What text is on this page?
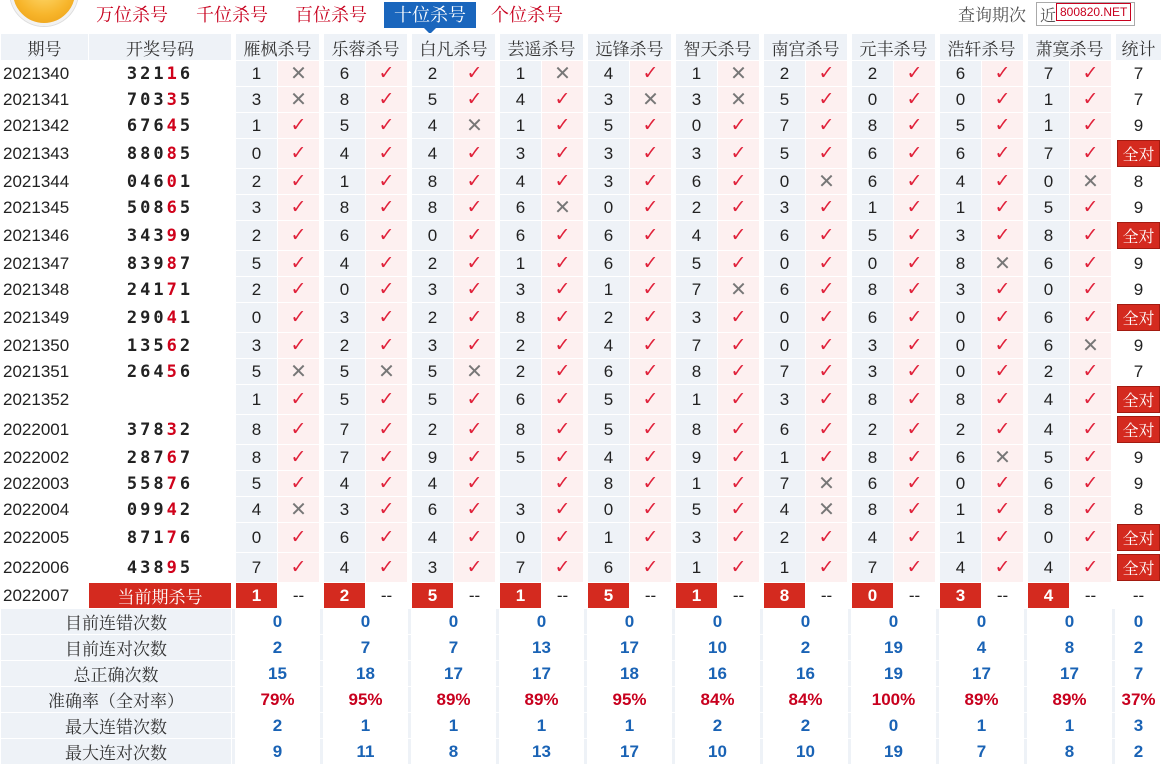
万位杀号 千位杀号 百位杀号	十位杀号	个位杀号	查询期次 近 800820.NET
期号	开奖号码		雁枫杀号			乐蓉杀号			白凡杀号			芸遥杀号			远锋杀号			智天杀号			南宫杀号			元丰杀号			浩轩杀号			萧寞杀号			统计
2021340	32116		1	✕		6	✓		2	✓		1	✕		4	✓		1	✕		2	✓		2	✓		6	✓		7	✓		7
2021341	70335		3	✕		8	✓		5	✓		4	✓		3	✕		3	✕		5	✓		0	✓		0	✓		1	✓		7
2021342	67645		1	✓		5	✓		4	✕		1	✓		5	✓		0	✓		7	✓		8	✓		5	✓		1	✓		9
2021343	88085		0	✓		4	✓		4	✓		3	✓		3	✓		3	✓		5	✓		6	✓		6	✓		7	✓		全对
2021344	04601		2	✓		1	✓		8	✓		4	✓		3	✓		6	✓		0	✕		6	✓		4	✓		0	✕		8
2021345	50865		3	✓		8	✓		8	✓		6	✕		0	✓		2	✓		3	✓		1	✓		1	✓		5	✓		9
2021346	34399		2	✓		6	✓		0	✓		6	✓		6	✓		4	✓		6	✓		5	✓		3	✓		8	✓		全对
2021347	83987		5	✓		4	✓		2	✓		1	✓		6	✓		5	✓		0	✓		0	✓		8	✕		6	✓		9
2021348	24171		2	✓		0	✓		3	✓		3	✓		1	✓		7	✕		6	✓		8	✓		3	✓		0	✓		9
2021349	29041		0	✓		3	✓		2	✓		8	✓		2	✓		3	✓		0	✓		6	✓		0	✓		6	✓		全对
2021350	13562		3	✓		2	✓		3	✓		2	✓		4	✓		7	✓		0	✓		3	✓		0	✓		6	✕		9
2021351	26456		5	✕		5	✕		5	✕		2	✓		6	✓		8	✓		7	✓		3	✓		0	✓		2	✓		7
2021352			1	✓		5	✓		5	✓		6	✓		5	✓		1	✓		3	✓		8	✓		8	✓		4	✓		全对
2022001	37832		8	✓		7	✓		2	✓		8	✓		5	✓		8	✓		6	✓		2	✓		2	✓		4	✓		全对
2022002	28767		8	✓		7	✓		9	✓		5	✓		4	✓		9	✓		1	✓		8	✓		6	✕		5	✓		9
2022003	55876		5	✓		4	✓		4	✓			✓		8	✓		1	✓		7	✕		6	✓		0	✓		6	✓		9
2022004	09942		4	✕		3	✓		6	✓		3	✓		0	✓		5	✓		4	✕		8	✓		1	✓		8	✓		8
2022005	87176		0	✓		6	✓		4	✓		0	✓		1	✓		3	✓		2	✓		4	✓		1	✓		0	✓		全对
2022006	43895		7	✓		4	✓		3	✓		7	✓		6	✓		1	✓		1	✓		7	✓		4	✓		4	✓		全对
2022007	当前期杀号		1	--		2	--		5	--		1	--		5	--		1	--		8	--		0	--		3	--		4	--		--
目前连错次数			0			0			0			0			0			0			0			0			0			0			0
目前连对次数			2			7			7			13			17			10			2			19			4			8			2
总正确次数			15			18			17			17			18			16			16			19			17			17			7
准确率（全对率）			79%			95%			89%			89%			95%			84%			84%			100%			89%			89%			37%
最大连错次数			2			1			1			1			1			2			2			0			1			1			3
最大连对次数			9			11			8			13			17			10			10			19			7			8			2
